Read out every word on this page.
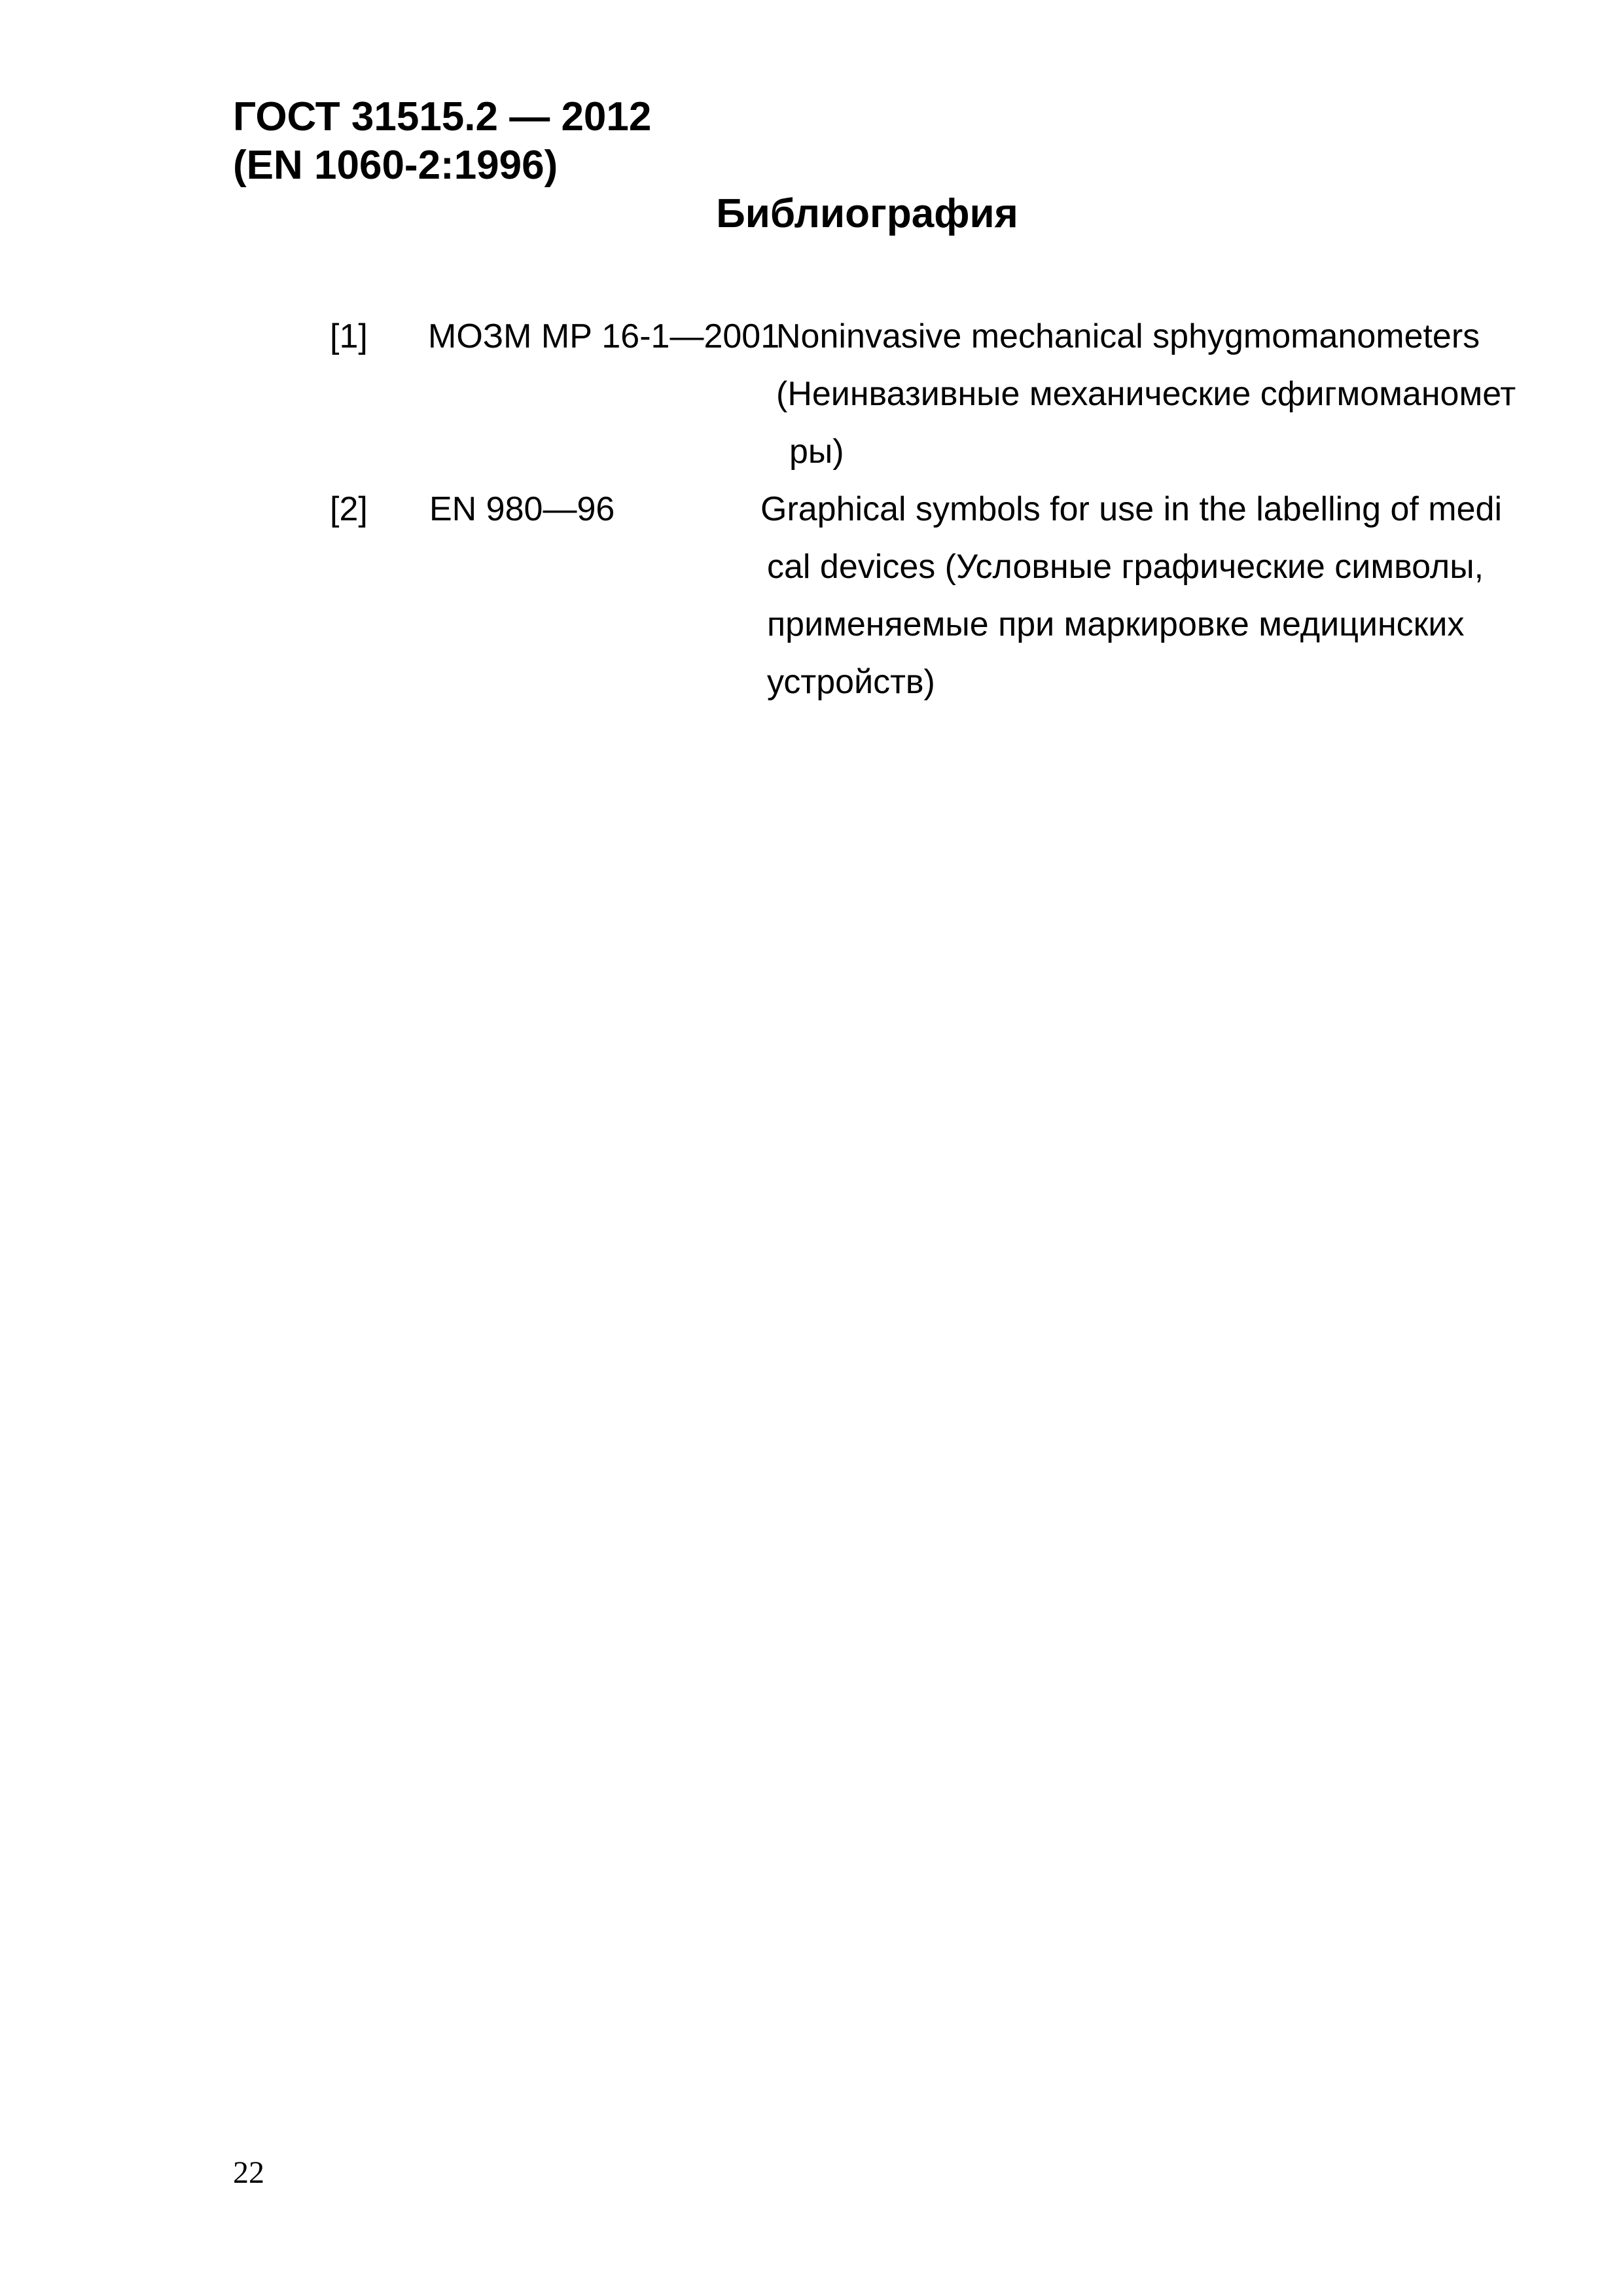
ГОСТ 31515.2 — 2012
(EN 1060-2:1996)
Библиография
[1] МОЗМ МР 16-1—2001
Noninvasive mechanical sphygmomanometers
(Неинвазивные механические сфигмоманомет
ры)
[2] EN 980—96	Graphical symbols for use in the labelling of medi
cal devices (Условные графические символы,
применяемые при маркировке медицинских
устройств)
22
